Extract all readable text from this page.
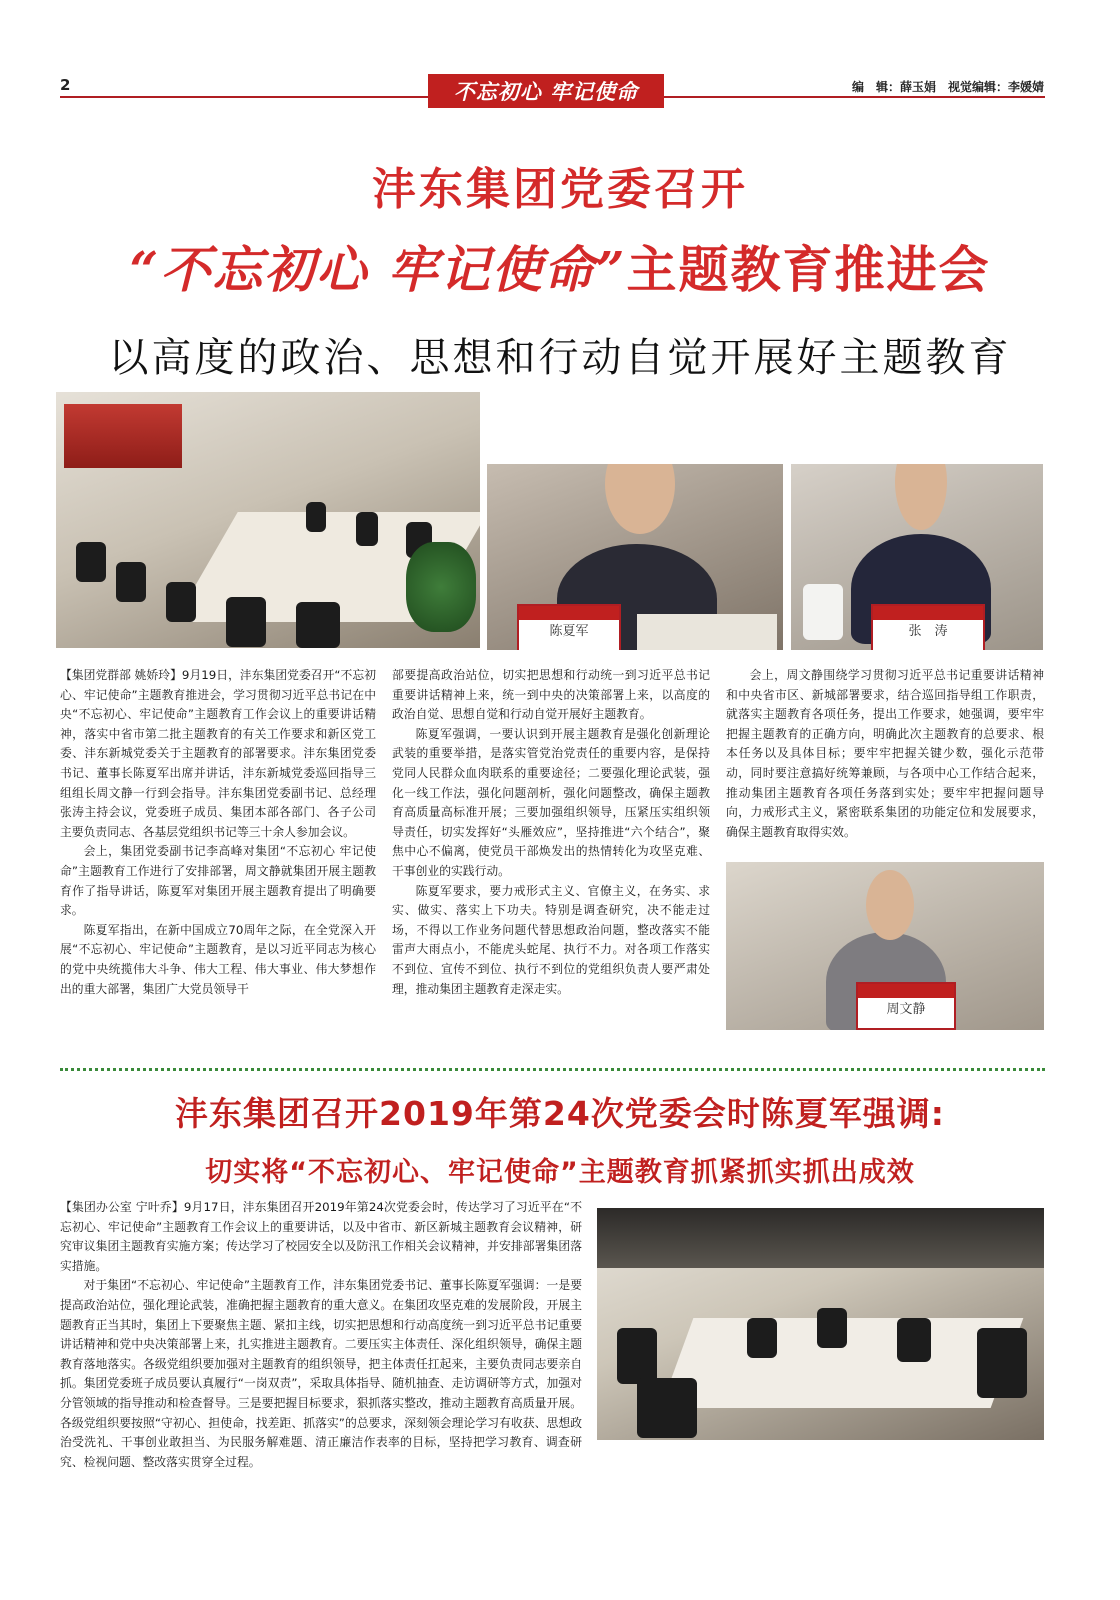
2	不忘初心 牢记使命	编　辑：薛玉娟　视觉编辑：李媛婧
沣东集团党委召开
“不忘初心 牢记使命”主题教育推进会
以高度的政治、思想和行动自觉开展好主题教育
陈夏军	张　涛

【集团党群部 姚娇玲】9月19日，沣东集团党委召开“不忘初心、牢记使命”主题教育推进会，学习贯彻习近平总书记在中央“不忘初心、牢记使命”主题教育工作会议上的重要讲话精神，落实中省市第二批主题教育的有关工作要求和新区党工委、沣东新城党委关于主题教育的部署要求。沣东集团党委书记、董事长陈夏军出席并讲话，沣东新城党委巡回指导三组组长周文静一行到会指导。沣东集团党委副书记、总经理张涛主持会议，党委班子成员、集团本部各部门、各子公司主要负责同志、各基层党组织书记等三十余人参加会议。

会上，集团党委副书记李高峰对集团“不忘初心 牢记使命”主题教育工作进行了安排部署，周文静就集团开展主题教育作了指导讲话，陈夏军对集团开展主题教育提出了明确要求。

陈夏军指出，在新中国成立70周年之际，在全党深入开展“不忘初心、牢记使命”主题教育，是以习近平同志为核心的党中央统揽伟大斗争、伟大工程、伟大事业、伟大梦想作出的重大部署，集团广大党员领导干

部要提高政治站位，切实把思想和行动统一到习近平总书记重要讲话精神上来，统一到中央的决策部署上来，以高度的政治自觉、思想自觉和行动自觉开展好主题教育。

陈夏军强调，一要认识到开展主题教育是强化创新理论武装的重要举措，是落实管党治党责任的重要内容，是保持党同人民群众血肉联系的重要途径；二要强化理论武装，强化一线工作法，强化问题剖析，强化问题整改，确保主题教育高质量高标准开展；三要加强组织领导，压紧压实组织领导责任，切实发挥好“头雁效应”，坚持推进“六个结合”，聚焦中心不偏离，使党员干部焕发出的热情转化为攻坚克难、干事创业的实践行动。

陈夏军要求，要力戒形式主义、官僚主义，在务实、求实、做实、落实上下功夫。特别是调查研究，决不能走过场，不得以工作业务问题代替思想政治问题，整改落实不能雷声大雨点小，不能虎头蛇尾、执行不力。对各项工作落实不到位、宣传不到位、执行不到位的党组织负责人要严肃处理，推动集团主题教育走深走实。

会上，周文静围绕学习贯彻习近平总书记重要讲话精神和中央省市区、新城部署要求，结合巡回指导组工作职责，就落实主题教育各项任务，提出工作要求，她强调，要牢牢把握主题教育的正确方向，明确此次主题教育的总要求、根本任务以及具体目标；要牢牢把握关键少数，强化示范带动，同时要注意搞好统筹兼顾，与各项中心工作结合起来，推动集团主题教育各项任务落到实处；要牢牢把握问题导向，力戒形式主义，紧密联系集团的功能定位和发展要求，确保主题教育取得实效。

周文静
沣东集团召开2019年第24次党委会时陈夏军强调:
切实将“不忘初心、牢记使命”主题教育抓紧抓实抓出成效

【集团办公室 宁叶乔】9月17日，沣东集团召开2019年第24次党委会时，传达学习了习近平在“不忘初心、牢记使命”主题教育工作会议上的重要讲话，以及中省市、新区新城主题教育会议精神，研究审议集团主题教育实施方案；传达学习了校园安全以及防汛工作相关会议精神，并安排部署集团落实措施。

对于集团“不忘初心、牢记使命”主题教育工作，沣东集团党委书记、董事长陈夏军强调：一是要提高政治站位，强化理论武装，准确把握主题教育的重大意义。在集团攻坚克难的发展阶段，开展主题教育正当其时，集团上下要聚焦主题、紧扣主线，切实把思想和行动高度统一到习近平总书记重要讲话精神和党中央决策部署上来，扎实推进主题教育。二要压实主体责任、深化组织领导，确保主题教育落地落实。各级党组织要加强对主题教育的组织领导，把主体责任扛起来，主要负责同志要亲自抓。集团党委班子成员要认真履行“一岗双责”，采取具体指导、随机抽查、走访调研等方式，加强对分管领域的指导推动和检查督导。三是要把握目标要求，狠抓落实整改，推动主题教育高质量开展。各级党组织要按照“守初心、担使命，找差距、抓落实”的总要求，深刻领会理论学习有收获、思想政治受洗礼、干事创业敢担当、为民服务解难题、清正廉洁作表率的目标，坚持把学习教育、调查研究、检视问题、整改落实贯穿全过程。
